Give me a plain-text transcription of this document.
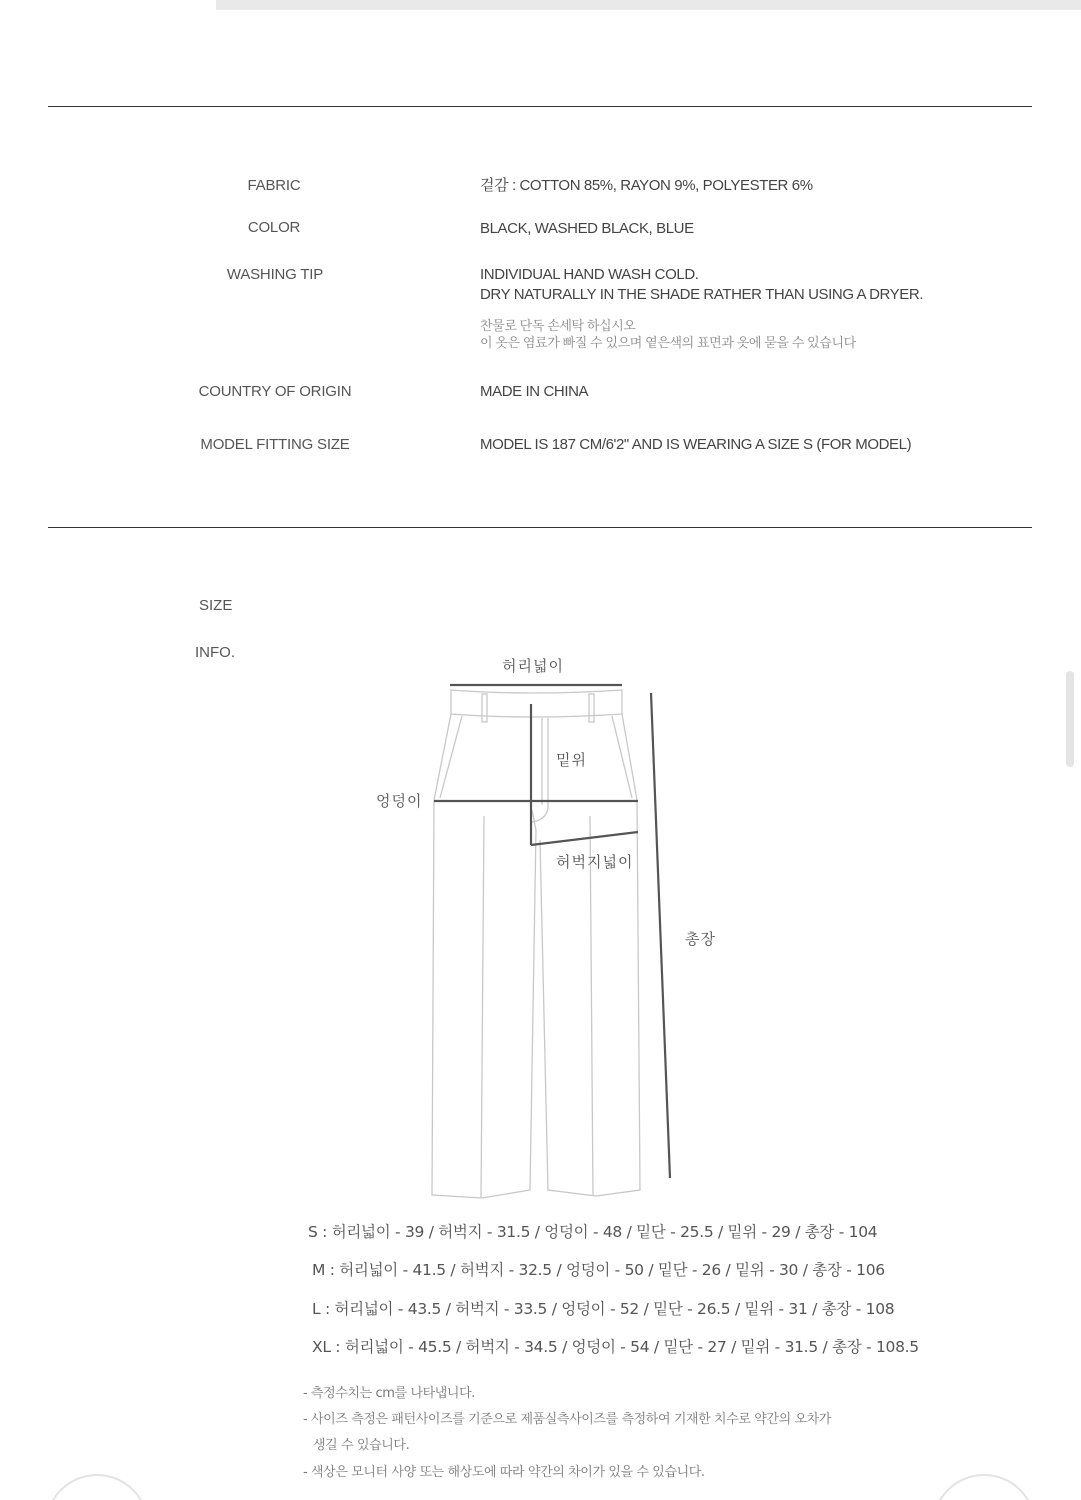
FABRIC	겉감 : COTTON 85%, RAYON 9%, POLYESTER 6%
COLOR	BLACK, WASHED BLACK, BLUE
WASHING TIP	INDIVIDUAL HAND WASH COLD.
DRY NATURALLY IN THE SHADE RATHER THAN USING A DRYER.
찬물로 단독 손세탁 하십시오
이 옷은 염료가 빠질 수 있으며 옅은색의 표면과 옷에 묻을 수 있습니다
COUNTRY OF ORIGIN	MADE IN CHINA
MODEL FITTING SIZE	MODEL IS 187 CM/6'2" AND IS WEARING A SIZE S (FOR MODEL)
SIZE
INFO.
허리넓이
밑위
엉덩이
허벅지넓이
총장
S : 허리넓이 - 39 / 허벅지 - 31.5 / 엉덩이 - 48 / 밑단 - 25.5 / 밑위 - 29 / 총장 - 104
M : 허리넓이 - 41.5 / 허벅지 - 32.5 / 엉덩이 - 50 / 밑단 - 26 / 밑위 - 30 / 총장 - 106
L : 허리넓이 - 43.5 / 허벅지 - 33.5 / 엉덩이 - 52 / 밑단 - 26.5 / 밑위 - 31 / 총장 - 108
XL : 허리넓이 - 45.5 / 허벅지 - 34.5 / 엉덩이 - 54 / 밑단 - 27 / 밑위 - 31.5 / 총장 - 108.5
- 측정수치는 cm를 나타냅니다.
- 사이즈 측정은 패턴사이즈를 기준으로 제품실측사이즈를 측정하여 기재한 치수로 약간의 오차가
생길 수 있습니다.
- 색상은 모니터 사양 또는 해상도에 따라 약간의 차이가 있을 수 있습니다.
